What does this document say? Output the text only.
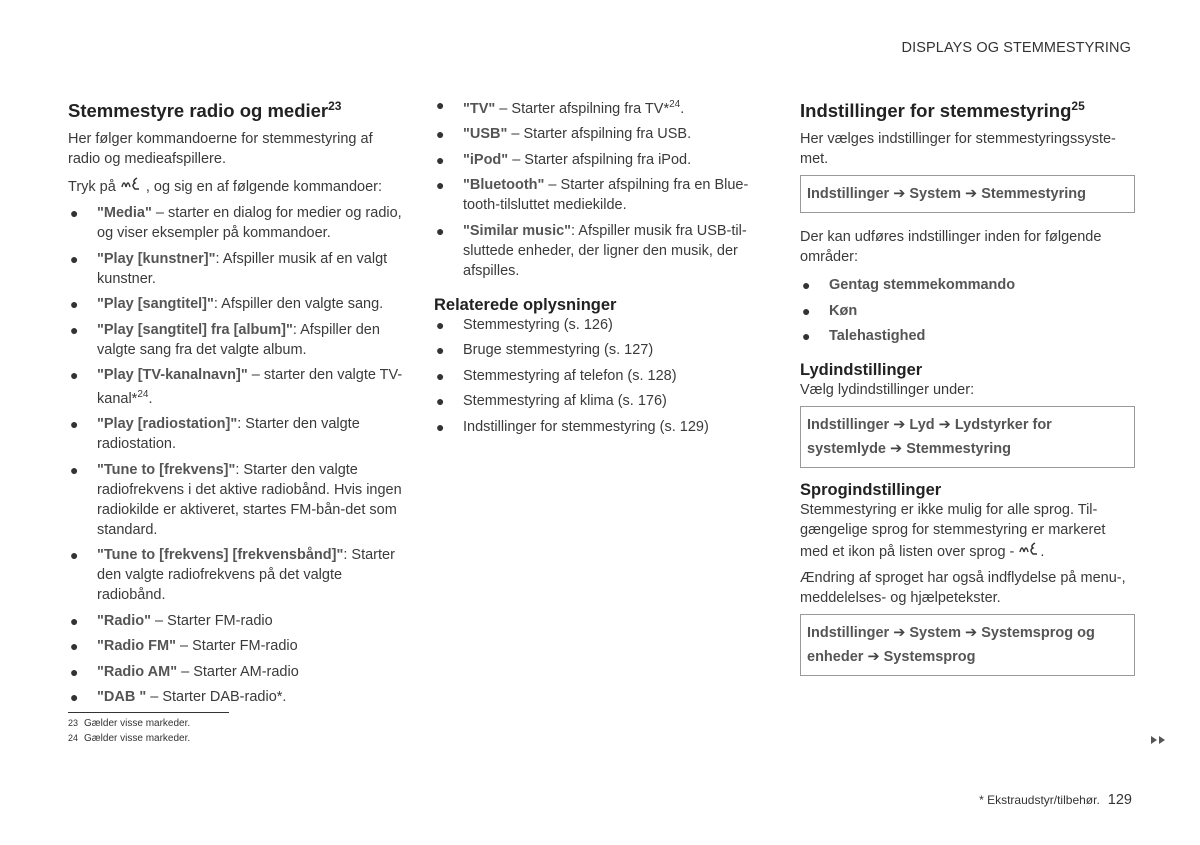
DISPLAYS OG STEMMESTYRING
Stemmestyre radio og medier$^{23}$

Her følger kommandoerne for stemmestyring af radio og medieafspillere.

Tryk på , og sig en af følgende kommandoer:

● "Media" – starter en dialog for medier og radio, og viser eksempler på kommandoer.
● "Play [kunstner]": Afspiller musik af en valgt kunstner.
● "Play [sangtitel]": Afspiller den valgte sang.
● "Play [sangtitel] fra [album]": Afspiller den valgte sang fra det valgte album.
● "Play [TV-kanalnavn]" – starter den valgte TV-kanal*$^{24}$.
● "Play [radiostation]": Starter den valgte radiostation.
● "Tune to [frekvens]": Starter den valgte radiofrekvens i det aktive radiobånd. Hvis ingen radiokilde er aktiveret, startes FM-bån-det som standard.
● "Tune to [frekvens] [frekvensbånd]": Starter den valgte radiofrekvens på det valgte radiobånd.
● "Radio" – Starter FM-radio
● "Radio FM" – Starter FM-radio
● "Radio AM" – Starter AM-radio
● "DAB " – Starter DAB-radio*.
● "TV" – Starter afspilning fra TV*$^{24}$.
● "USB" – Starter afspilning fra USB.
● "iPod" – Starter afspilning fra iPod.
● "Bluetooth" – Starter afspilning fra en Blue-tooth-tilsluttet mediekilde.
● "Similar music": Afspiller musik fra USB-til-sluttede enheder, der ligner den musik, der afspilles.
Relaterede oplysninger
● Stemmestyring (s. 126)
● Bruge stemmestyring (s. 127)
● Stemmestyring af telefon (s. 128)
● Stemmestyring af klima (s. 176)
● Indstillinger for stemmestyring (s. 129)
Indstillinger for stemmestyring$^{25}$

Her vælges indstillinger for stemmestyringssyste-met.

Indstillinger ➔ System ➔ Stemmestyring

Der kan udføres indstillinger inden for følgende områder:

● Gentag stemmekommando
● Køn
● Talehastighed
Lydindstillinger

Vælg lydindstillinger under:

Indstillinger ➔ Lyd ➔ Lydstyrker for systemlyde ➔ Stemmestyring
Sprogindstillinger

Stemmestyring er ikke mulig for alle sprog. Til-gængelige sprog for stemmestyring er markeret med et ikon på listen over sprog - .

Ændring af sproget har også indflydelse på menu-, meddelelses- og hjælpetekster.

Indstillinger ➔ System ➔ Systemsprog og enheder ➔ Systemsprog
23 Gælder visse markeder.
24 Gælder visse markeder.
* Ekstraudstyr/tilbehør. 129
